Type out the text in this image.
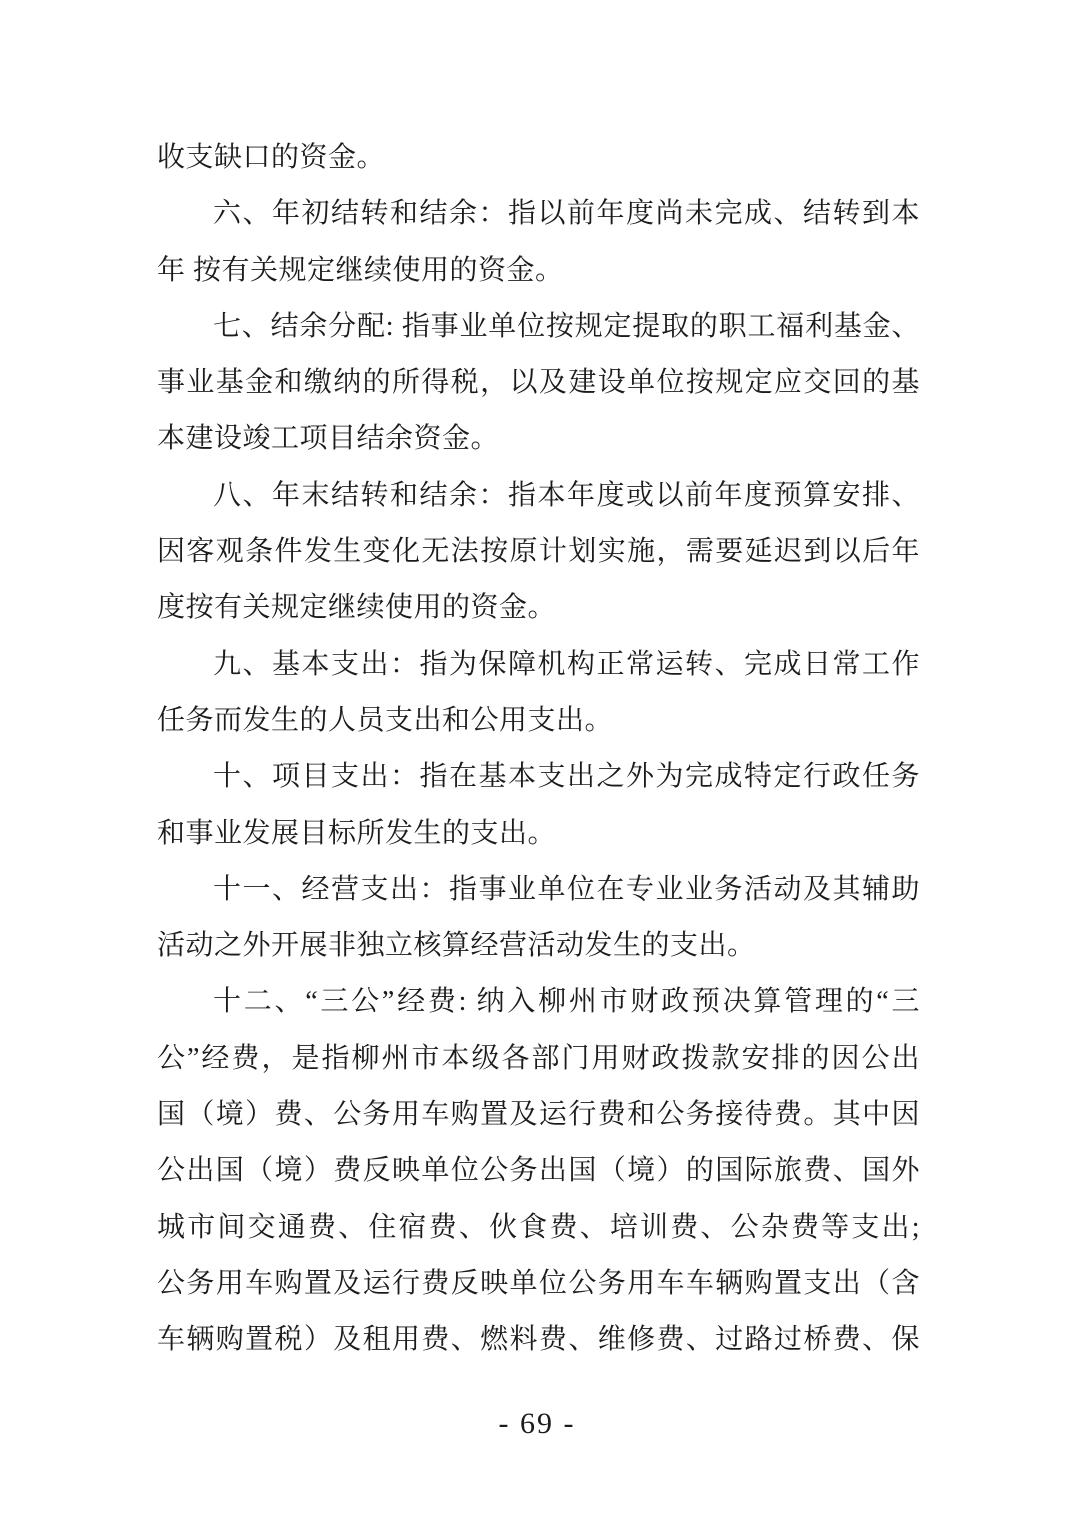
收支缺口的资金。
六、年初结转和结余：指以前年度尚未完成、结转到本
年 按有关规定继续使用的资金。
七、结余分配: 指事业单位按规定提取的职工福利基金、
事业基金和缴纳的所得税，以及建设单位按规定应交回的基
本建设竣工项目结余资金。
八、年末结转和结余：指本年度或以前年度预算安排、
因客观条件发生变化无法按原计划实施，需要延迟到以后年
度按有关规定继续使用的资金。
九、基本支出：指为保障机构正常运转、完成日常工作
任务而发生的人员支出和公用支出。
十、项目支出：指在基本支出之外为完成特定行政任务
和事业发展目标所发生的支出。
十一、经营支出：指事业单位在专业业务活动及其辅助
活动之外开展非独立核算经营活动发生的支出。
十二、“三公”经费: 纳入柳州市财政预决算管理的“三
公”经费，是指柳州市本级各部门用财政拨款安排的因公出
国（境）费、公务用车购置及运行费和公务接待费。其中因
公出国（境）费反映单位公务出国（境）的国际旅费、国外
城市间交通费、住宿费、伙食费、培训费、公杂费等支出;
公务用车购置及运行费反映单位公务用车车辆购置支出（含
车辆购置税）及租用费、燃料费、维修费、过路过桥费、保
- 69 -
